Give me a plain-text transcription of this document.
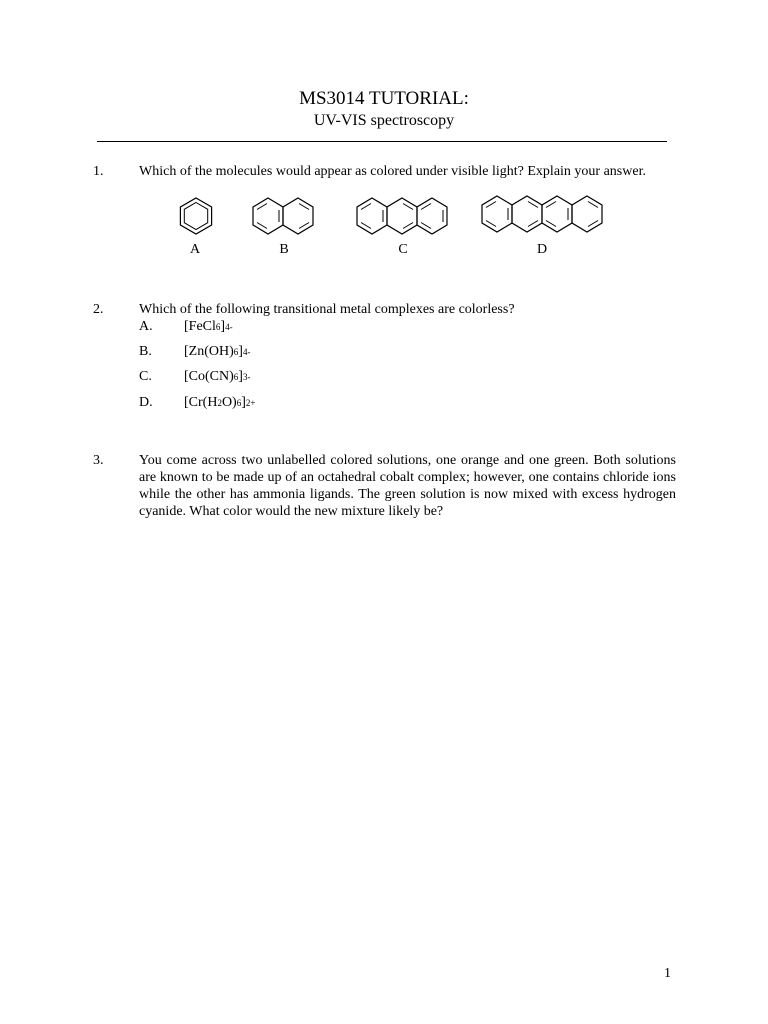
MS3014 TUTORIAL:
UV-VIS spectroscopy
1.	Which of the molecules would appear as colored under visible light? Explain your answer.
A	B	C	D
2.	Which of the following transitional metal complexes are colorless?
A. [FeCl6]4-
B. [Zn(OH)6]4-
C. [Co(CN)6]3-
D. [Cr(H2O)6]2+
3.	You come across two unlabelled colored solutions, one orange and one green. Both solutions are known to be made up of an octahedral cobalt complex; however, one contains chloride ions while the other has ammonia ligands. The green solution is now mixed with excess hydrogen cyanide. What color would the new mixture likely be?
1
